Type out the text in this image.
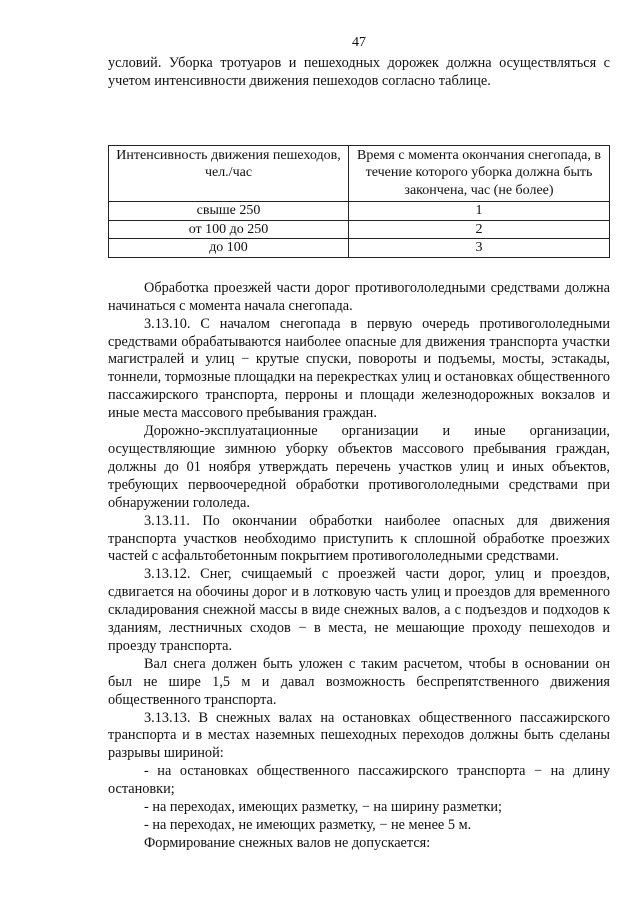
47

условий. Уборка тротуаров и пешеходных дорожек должна осуществляться с учетом интенсивности движения пешеходов согласно таблице.

Интенсивность движения пешеходов, чел./час	Время с момента окончания снегопада, в течение которого уборка должна быть закончена, час (не более)
свыше 250	1
от 100 до 250	2
до 100	3

Обработка проезжей части дорог противогололедными средствами должна начинаться с момента начала снегопада.

3.13.10. С началом снегопада в первую очередь противогололедными средствами обрабатываются наиболее опасные для движения транспорта участки магистралей и улиц − крутые спуски, повороты и подъемы, мосты, эстакады, тоннели, тормозные площадки на перекрестках улиц и остановках общественного пассажирского транспорта, перроны и площади железнодорожных вокзалов и иные места массового пребывания граждан.

Дорожно-эксплуатационные организации и иные организации, осуществляющие зимнюю уборку объектов массового пребывания граждан, должны до 01 ноября утверждать перечень участков улиц и иных объектов, требующих первоочередной обработки противогололедными средствами при обнаружении гололеда.

3.13.11. По окончании обработки наиболее опасных для движения транспорта участков необходимо приступить к сплошной обработке проезжих частей с асфальтобетонным покрытием противогололедными средствами.

3.13.12. Снег, счищаемый с проезжей части дорог, улиц и проездов, сдвигается на обочины дорог и в лотковую часть улиц и проездов для временного складирования снежной массы в виде снежных валов, а с подъездов и подходов к зданиям, лестничных сходов − в места, не мешающие проходу пешеходов и проезду транспорта.

Вал снега должен быть уложен с таким расчетом, чтобы в основании он был не шире 1,5 м и давал возможность беспрепятственного движения общественного транспорта.

3.13.13. В снежных валах на остановках общественного пассажирского транспорта и в местах наземных пешеходных переходов должны быть сделаны разрывы шириной:

- на остановках общественного пассажирского транспорта − на длину остановки;

- на переходах, имеющих разметку, − на ширину разметки;

- на переходах, не имеющих разметку, − не менее 5 м.

Формирование снежных валов не допускается:
